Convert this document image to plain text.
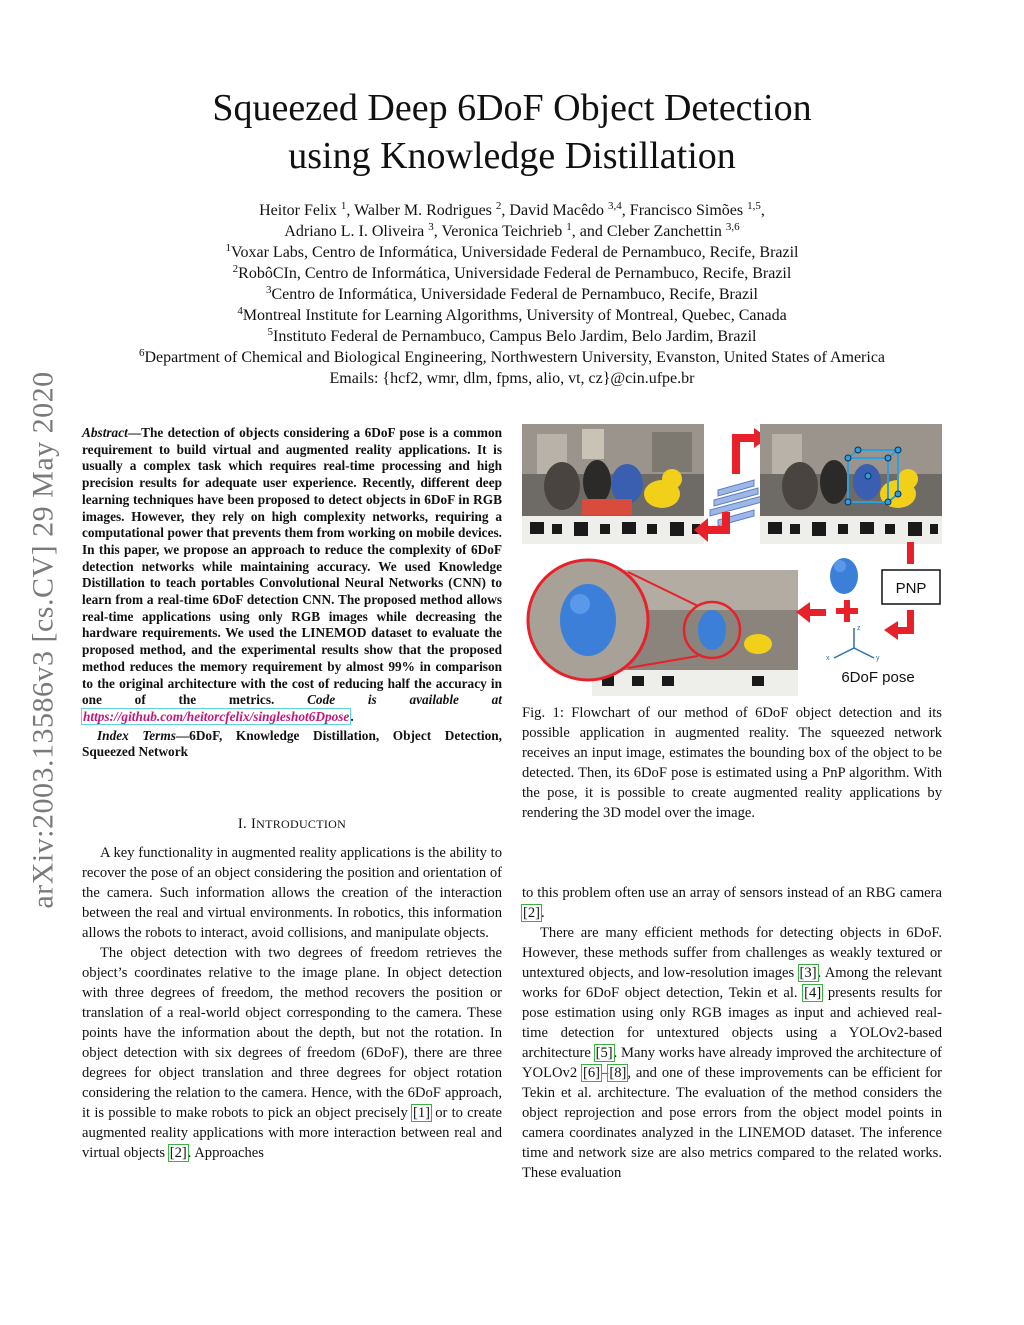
arXiv:2003.13586v3 [cs.CV] 29 May 2020
Squeezed Deep 6DoF Object Detection
using Knowledge Distillation
Heitor Felix $^1$, Walber M. Rodrigues $^2$, David Macêdo $^{3,4}$, Francisco Simões $^{1,5}$,
Adriano L. I. Oliveira $^3$, Veronica Teichrieb $^1$, and Cleber Zanchettin $^{3,6}$
$^1$Voxar Labs, Centro de Informática, Universidade Federal de Pernambuco, Recife, Brazil
$^2$RobôCIn, Centro de Informática, Universidade Federal de Pernambuco, Recife, Brazil
$^3$Centro de Informática, Universidade Federal de Pernambuco, Recife, Brazil
$^4$Montreal Institute for Learning Algorithms, University of Montreal, Quebec, Canada
$^5$Instituto Federal de Pernambuco, Campus Belo Jardim, Belo Jardim, Brazil
$^6$Department of Chemical and Biological Engineering, Northwestern University, Evanston, United States of America
Emails: {hcf2, wmr, dlm, fpms, alio, vt, cz}@cin.ufpe.br

Abstract—The detection of objects considering a 6DoF pose is a common requirement to build virtual and augmented reality applications. It is usually a complex task which requires real-time processing and high precision results for adequate user experience. Recently, different deep learning techniques have been proposed to detect objects in 6DoF in RGB images. However, they rely on high complexity networks, requiring a computational power that prevents them from working on mobile devices. In this paper, we propose an approach to reduce the complexity of 6DoF detection networks while maintaining accuracy. We used Knowledge Distillation to teach portables Convolutional Neural Networks (CNN) to learn from a real-time 6DoF detection CNN. The proposed method allows real-time applications using only RGB images while decreasing the hardware requirements. We used the LINEMOD dataset to evaluate the proposed method, and the experimental results show that the proposed method reduces the memory requirement by almost 99% in comparison to the original architecture with the cost of reducing half the accuracy in one of the metrics. Code is available at https://github.com/heitorcfelix/singleshot6Dpose.

Index Terms—6DoF, Knowledge Distillation, Object Detection, Squeezed Network

I. INTRODUCTION

A key functionality in augmented reality applications is the ability to recover the pose of an object considering the position and orientation of the camera. Such information allows the creation of the interaction between the real and virtual environments. In robotics, this information allows the robots to interact, avoid collisions, and manipulate objects.

The object detection with two degrees of freedom retrieves the object’s coordinates relative to the image plane. In object detection with three degrees of freedom, the method recovers the position or translation of a real-world object corresponding to the camera. These points have the information about the depth, but not the rotation. In object detection with six degrees of freedom (6DoF), there are three degrees for object translation and three degrees for object rotation considering the relation to the camera. Hence, with the 6DoF approach, it is possible to make robots to pick an object precisely [1] or to create augmented reality applications with more interaction between real and virtual objects [2]. Approaches

PNP
z
x	y
6DoF pose
Fig. 1: Flowchart of our method of 6DoF object detection and its possible application in augmented reality. The squeezed network receives an input image, estimates the bounding box of the object to be detected. Then, its 6DoF pose is estimated using a PnP algorithm. With the pose, it is possible to create augmented reality applications by rendering the 3D model over the image.

to this problem often use an array of sensors instead of an RBG camera [2].

There are many efficient methods for detecting objects in 6DoF. However, these methods suffer from challenges as weakly textured or untextured objects, and low-resolution images [3]. Among the relevant works for 6DoF object detection, Tekin et al. [4] presents results for pose estimation using only RGB images as input and achieved real-time detection for untextured objects using a YOLOv2-based architecture [5]. Many works have already improved the architecture of YOLOv2 [6]–[8], and one of these improvements can be efficient for Tekin et al. architecture. The evaluation of the method considers the object reprojection and pose errors from the object model points in camera coordinates analyzed in the LINEMOD dataset. The inference time and network size are also metrics compared to the related works. These evaluation
